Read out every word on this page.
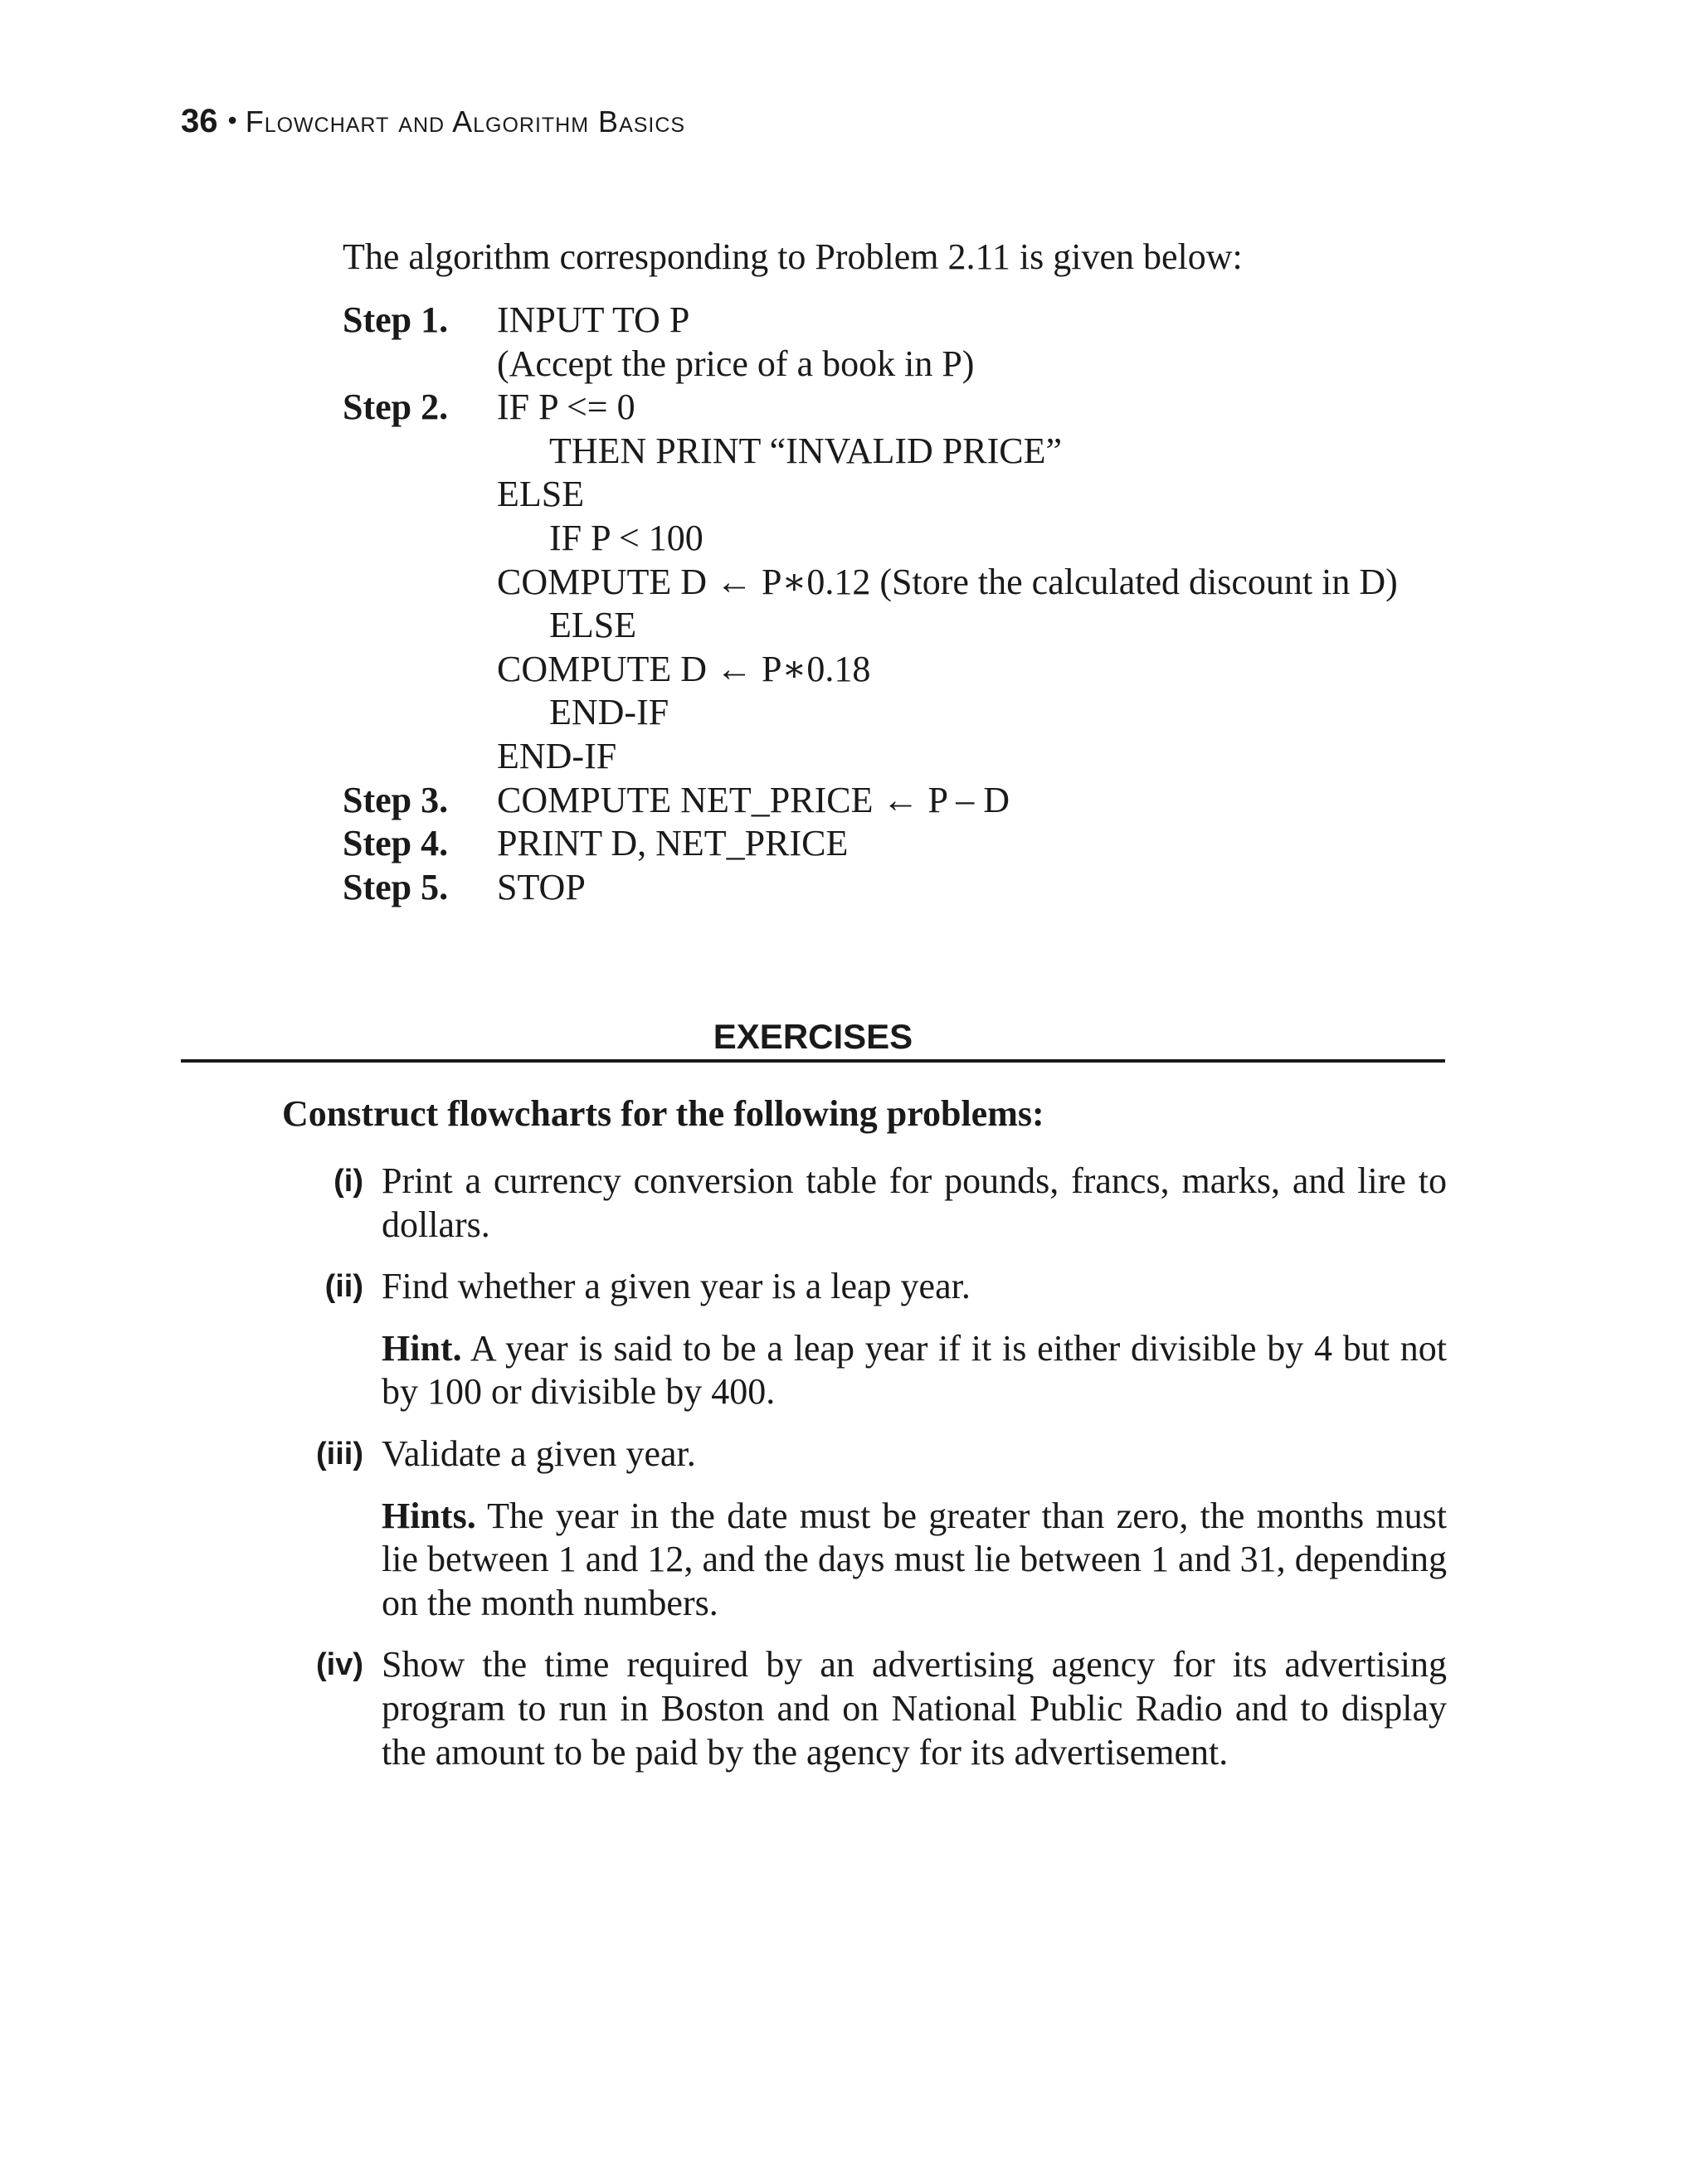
36 • Flowchart and Algorithm Basics
The algorithm corresponding to Problem 2.11 is given below:
Step 1.	INPUT TO P
(Accept the price of a book in P)
Step 2.	IF P <= 0
THEN PRINT “INVALID PRICE”
ELSE
IF P < 100
COMPUTE D ← P∗0.12 (Store the calculated discount in D)
ELSE
COMPUTE D ← P∗0.18
END-IF
END-IF
Step 3.	COMPUTE NET_PRICE ← P – D
Step 4.	PRINT D, NET_PRICE
Step 5.	STOP
EXERCISES
Construct flowcharts for the following problems:
(i) Print a currency conversion table for pounds, francs, marks, and lire to dollars.

(ii) Find whether a given year is a leap year.

Hint. A year is said to be a leap year if it is either divisible by 4 but not by 100 or divisible by 400.

(iii) Validate a given year.

Hints. The year in the date must be greater than zero, the months must lie between 1 and 12, and the days must lie between 1 and 31, depending on the month numbers.

(iv) Show the time required by an advertising agency for its advertising program to run in Boston and on National Public Radio and to display the amount to be paid by the agency for its advertisement.
